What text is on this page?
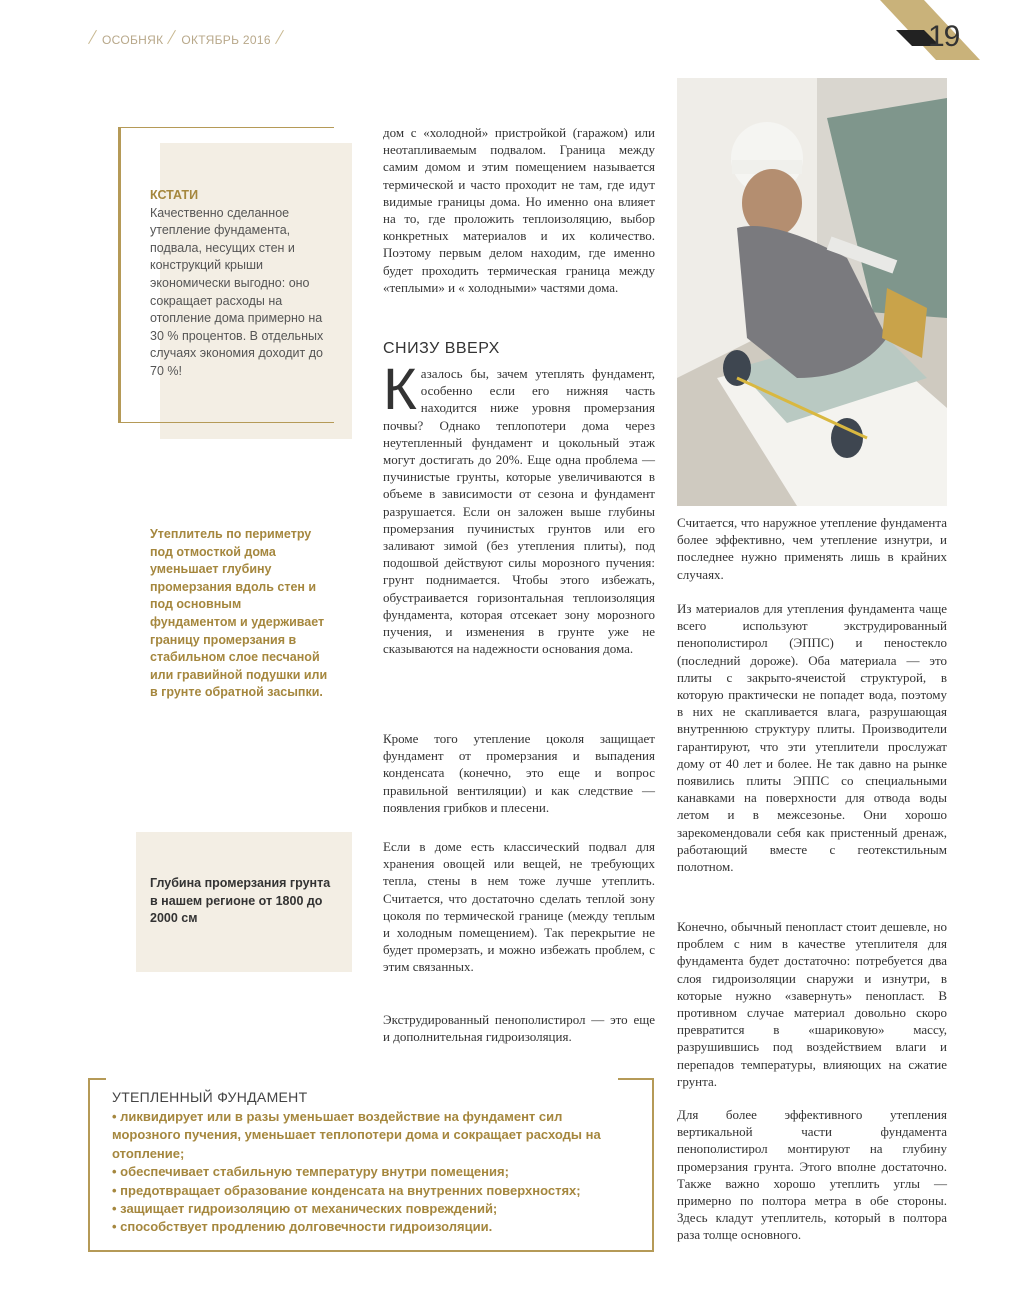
ОСОБНЯК ОКТЯБРЬ 2016	19
КСТАТИ
Качественно сделанное утепление фундамента, подвала, несущих стен и конструкций крыши экономически выгодно: оно сокращает расходы на отопление дома примерно на 30 % процентов. В отдельных случаях экономия доходит до 70 %!
Утеплитель по периметру под отмосткой дома уменьшает глубину промерзания вдоль стен и под основным фундаментом и удерживает границу промерзания в стабильном слое песчаной или гравийной подушки или в грунте обратной засыпки.
Глубина промерзания грунта в нашем регионе от 1800 до 2000 см

дом с «холодной» пристройкой (гаражом) или неотапливаемым подвалом. Граница между самим домом и этим помещением называется термической и часто проходит не там, где идут видимые границы дома. Но именно она влияет на то, где проложить теплоизоляцию, выбор конкретных материалов и их количество. Поэтому первым делом находим, где именно будет проходить термическая граница между «теплыми» и « холодными» частями дома.

СНИЗУ ВВЕРХ
Казалось бы, зачем утеплять фундамент, особенно если его нижняя часть находится ниже уровня промерзания почвы? Однако теплопотери дома через неутепленный фундамент и цокольный этаж могут достигать до 20%. Еще одна проблема — пучинистые грунты, которые увеличиваются в объеме в зависимости от сезона и фундамент разрушается. Если он заложен выше глубины промерзания пучинистых грунтов или его заливают зимой (без утепления плиты), под подошвой действуют силы морозного пучения: грунт поднимается. Чтобы этого избежать, обустраивается горизонтальная теплоизоляция фундамента, которая отсекает зону морозного пучения, и изменения в грунте уже не сказываются на надежности основания дома.
Кроме того утепление цоколя защищает фундамент от промерзания и выпадения конденсата (конечно, это еще и вопрос правильной вентиляции) и как следствие — появления грибков и плесени.
Если в доме есть классический подвал для хранения овощей или вещей, не требующих тепла, стены в нем тоже лучше утеплить. Считается, что достаточно сделать теплой зону цоколя по термической границе (между теплым и холодным помещением). Так перекрытие не будет промерзать, и можно избежать проблем, с этим связанных.
Экструдированный пенополистирол — это еще и дополнительная гидроизоляция.
Считается, что наружное утепление фундамента более эффективно, чем утепление изнутри, и последнее нужно применять лишь в крайних случаях.
Из материалов для утепления фундамента чаще всего используют экструдированный пенополистирол (ЭППС) и пеностекло (последний дороже). Оба материала — это плиты с закрыто-ячеистой структурой, в которую практически не попадет вода, поэтому в них не скапливается влага, разрушающая внутреннюю структуру плиты. Производители гарантируют, что эти утеплители прослужат дому от 40 лет и более. Не так давно на рынке появились плиты ЭППС со специальными канавками на поверхности для отвода воды летом и в межсезонье. Они хорошо зарекомендовали себя как пристенный дренаж, работающий вместе с геотекстильным полотном.
Конечно, обычный пенопласт стоит дешевле, но проблем с ним в качестве утеплителя для фундамента будет достаточно: потребуется два слоя гидроизоляции снаружи и изнутри, в которые нужно «завернуть» пенопласт. В противном случае материал довольно скоро превратится в «шариковую» массу, разрушившись под воздействием влаги и перепадов температуры, влияющих на сжатие грунта.
Для более эффективного утепления вертикальной части фундамента пенополистирол монтируют на глубину промерзания грунта. Этого вполне достаточно. Также важно хорошо утеплить углы — примерно по полтора метра в обе стороны. Здесь кладут утеплитель, который в полтора раза толще основного.
УТЕПЛЕННЫЙ ФУНДАМЕНТ
• ликвидирует или в разы уменьшает воздействие на фундамент сил морозного пучения, уменьшает теплопотери дома и сокращает расходы на отопление;
• обеспечивает стабильную температуру внутри помещения;
• предотвращает образование конденсата на внутренних поверхностях;
• защищает гидроизоляцию от механических повреждений;
• способствует продлению долговечности гидроизоляции.
